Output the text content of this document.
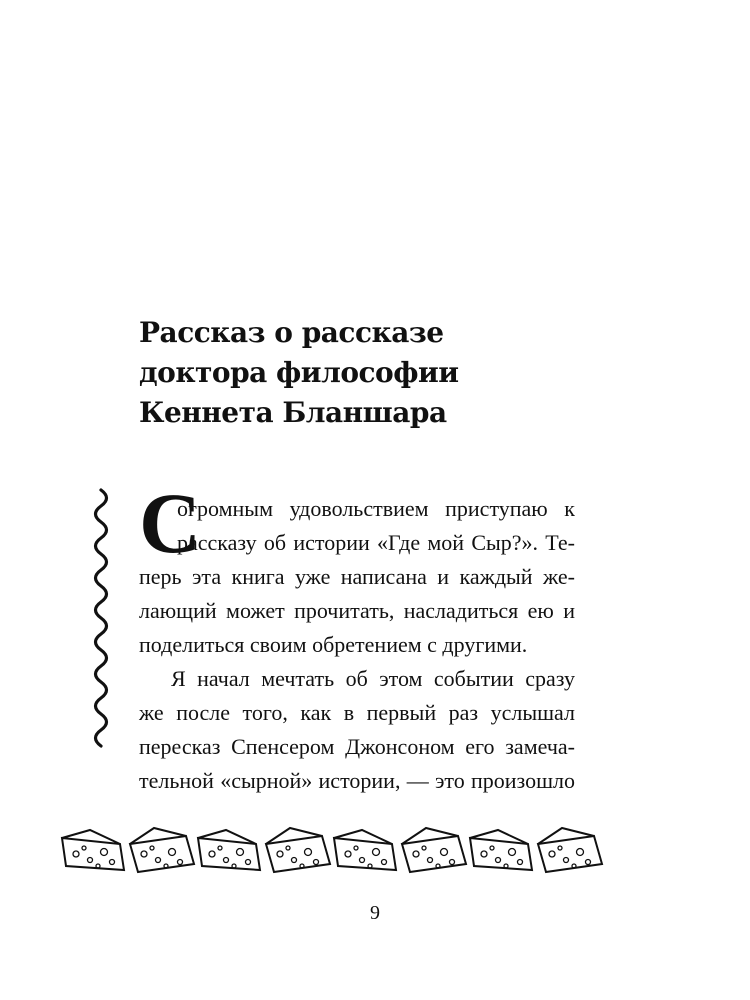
Рассказ о рассказе
доктора философии
Кеннета Бланшара
С
огромным удовольствием приступаю к
рассказу об истории «Где мой Сыр?». Те-
перь эта книга уже написана и каждый же-
лающий может прочитать, насладиться ею и
поделиться своим обретением с другими.
Я начал мечтать об этом событии сразу
же после того, как в первый раз услышал
пересказ Спенсером Джонсоном его замеча-
тельной «сырной» истории, — это произошло
9
